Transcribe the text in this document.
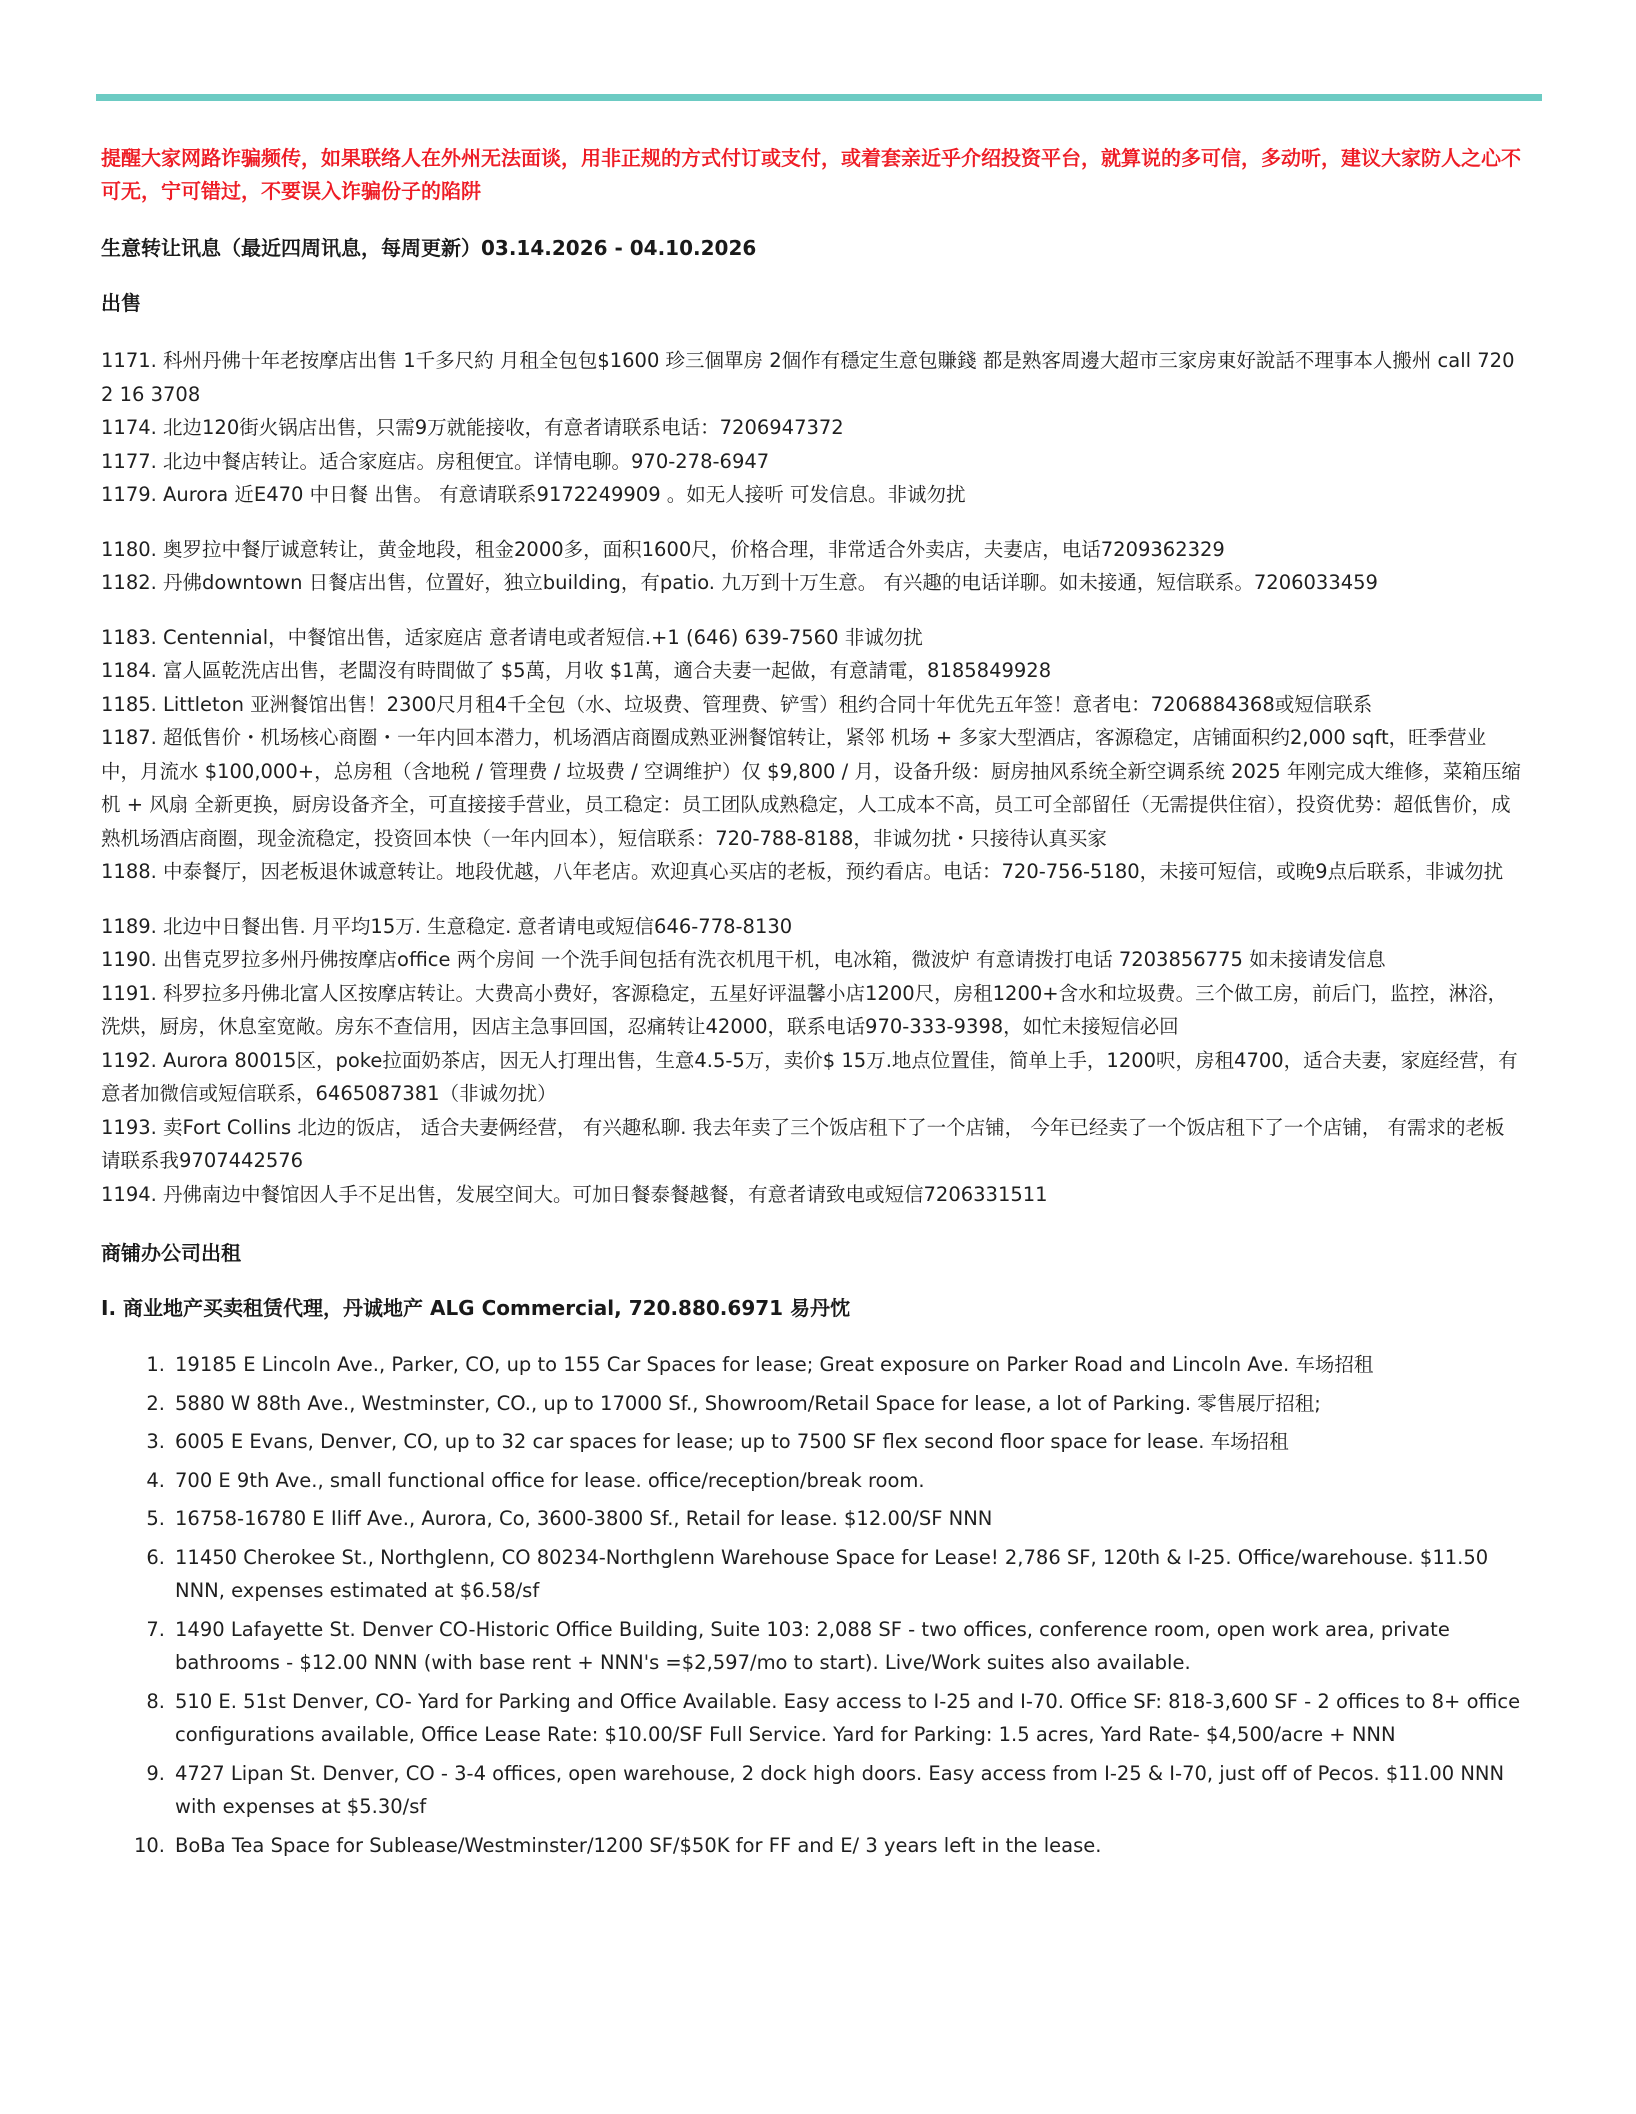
提醒大家网路诈骗频传，如果联络人在外州无法面谈，用非正规的方式付订或支付，或着套亲近乎介绍投资平台，就算说的多可信，多动听，建议大家防人之心不可无，宁可错过，不要误入诈骗份子的陷阱

生意转让讯息（最近四周讯息，每周更新）03.14.2026 - 04.10.2026

出售

1171. 科州丹佛十年老按摩店出售 1千多尺約 月租全包包$1600 珍三個單房 2個作有穩定生意包賺錢 都是熟客周邊大超市三家房東好說話不理事本人搬州 call 720 2 16 3708

1174. 北边120街火锅店出售，只需9万就能接收，有意者请联系电话：7206947372

1177. 北边中餐店转让。适合家庭店。房租便宜。详情电聊。970-278-6947

1179. Aurora 近E470 中日餐 出售。 有意请联系9172249909 。如无人接听 可发信息。非诚勿扰

1180. 奥罗拉中餐厅诚意转让，黄金地段，租金2000多，面积1600尺，价格合理，非常适合外卖店，夫妻店，电话7209362329

1182. 丹佛downtown 日餐店出售，位置好，独立building，有patio. 九万到十万生意。 有兴趣的电话详聊。如未接通，短信联系。7206033459

1183. Centennial，中餐馆出售，适家庭店 意者请电或者短信.+1 (646) 639-7560 非诚勿扰

1184. 富人區乾洗店出售，老闆沒有時間做了 $5萬，月收 $1萬，適合夫妻一起做，有意請電，8185849928

1185. Littleton 亚洲餐馆出售！2300尺月租4千全包（水、垃圾费、管理费、铲雪）租约合同十年优先五年签！意者电：7206884368或短信联系

1187. 超低售价・机场核心商圈・一年内回本潜力，机场酒店商圈成熟亚洲餐馆转让，紧邻 机场 + 多家大型酒店，客源稳定，店铺面积约2,000 sqft，旺季营业中，月流水 $100,000+，总房租（含地税 / 管理费 / 垃圾费 / 空调维护）仅 $9,800 / 月，设备升级：厨房抽风系统全新空调系统 2025 年刚完成大维修，菜箱压缩机 + 风扇 全新更换，厨房设备齐全，可直接接手营业，员工稳定：员工团队成熟稳定，人工成本不高，员工可全部留任（无需提供住宿），投资优势：超低售价，成熟机场酒店商圈，现金流稳定，投资回本快（一年内回本），短信联系：720-788-8188，非诚勿扰・只接待认真买家

1188. 中泰餐厅，因老板退休诚意转让。地段优越，八年老店。欢迎真心买店的老板，预约看店。电话：720-756-5180，未接可短信，或晚9点后联系，非诚勿扰

1189. 北边中日餐出售. 月平均15万. 生意稳定. 意者请电或短信646-778-8130

1190. 出售克罗拉多州丹佛按摩店office 两个房间 一个洗手间包括有洗衣机甩干机，电冰箱，微波炉 有意请拨打电话 7203856775 如未接请发信息

1191. 科罗拉多丹佛北富人区按摩店转让。大费高小费好，客源稳定，五星好评温馨小店1200尺，房租1200+含水和垃圾费。三个做工房，前后门，监控，淋浴，洗烘，厨房，休息室宽敞。房东不查信用，因店主急事回国，忍痛转让42000，联系电话970-333-9398，如忙未接短信必回

1192. Aurora 80015区，poke拉面奶茶店，因无人打理出售，生意4.5-5万，卖价$ 15万.地点位置佳，简单上手，1200呎，房租4700，适合夫妻，家庭经营，有意者加微信或短信联系，6465087381（非诚勿扰）

1193. 卖Fort Collins 北边的饭店， 适合夫妻俩经营， 有兴趣私聊. 我去年卖了三个饭店租下了一个店铺， 今年已经卖了一个饭店租下了一个店铺， 有需求的老板请联系我9707442576

1194. 丹佛南边中餐馆因人手不足出售，发展空间大。可加日餐泰餐越餐，有意者请致电或短信7206331511

商铺办公司出租

I. 商业地产买卖租赁代理，丹诚地产 ALG Commercial, 720.880.6971 易丹忱

1. 19185 E Lincoln Ave., Parker, CO, up to 155 Car Spaces for lease; Great exposure on Parker Road and Lincoln Ave. 车场招租
2. 5880 W 88th Ave., Westminster, CO., up to 17000 Sf., Showroom/Retail Space for lease, a lot of Parking. 零售展厅招租;
3. 6005 E Evans, Denver, CO, up to 32 car spaces for lease; up to 7500 SF flex second floor space for lease. 车场招租
4. 700 E 9th Ave., small functional office for lease. office/reception/break room.
5. 16758-16780 E Iliff Ave., Aurora, Co, 3600-3800 Sf., Retail for lease. $12.00/SF NNN
6. 11450 Cherokee St., Northglenn, CO 80234-Northglenn Warehouse Space for Lease! 2,786 SF, 120th & I-25. Office/warehouse. $11.50 NNN, expenses estimated at $6.58/sf
7. 1490 Lafayette St. Denver CO-Historic Office Building, Suite 103: 2,088 SF - two offices, conference room, open work area, private bathrooms - $12.00 NNN (with base rent + NNN's =$2,597/mo to start). Live/Work suites also available.
8. 510 E. 51st Denver, CO- Yard for Parking and Office Available. Easy access to I-25 and I-70. Office SF: 818-3,600 SF - 2 offices to 8+ office configurations available, Office Lease Rate: $10.00/SF Full Service. Yard for Parking: 1.5 acres, Yard Rate- $4,500/acre + NNN
9. 4727 Lipan St. Denver, CO - 3-4 offices, open warehouse, 2 dock high doors. Easy access from I-25 & I-70, just off of Pecos. $11.00 NNN with expenses at $5.30/sf
10. BoBa Tea Space for Sublease/Westminster/1200 SF/$50K for FF and E/ 3 years left in the lease.
